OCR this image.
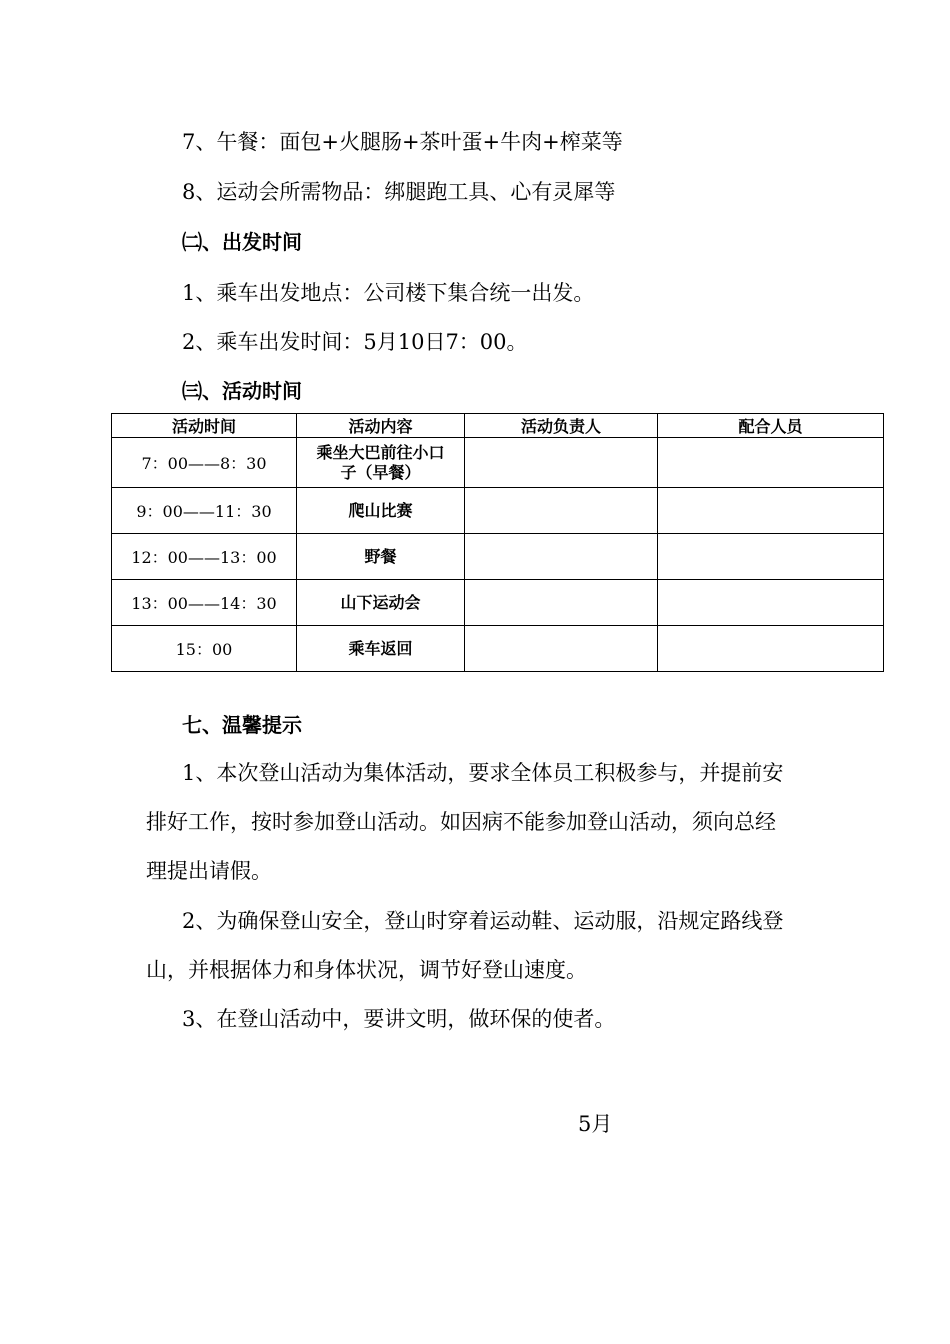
7、午餐：面包+火腿肠+茶叶蛋+牛肉+榨菜等
8、运动会所需物品：绑腿跑工具、心有灵犀等
㈡、出发时间
1、乘车出发地点：公司楼下集合统一出发。
2、乘车出发时间：5月10日7：00。
㈢、活动时间
活动时间	活动内容	活动负责人	配合人员
7：00——8：30	乘坐大巴前往小口子（早餐）		

9：00——11：30	爬山比赛		
12：00——13：00	野餐		
13：00——14：30	山下运动会		
15：00	乘车返回		
七、温馨提示
1、本次登山活动为集体活动，要求全体员工积极参与，并提前安
排好工作，按时参加登山活动。如因病不能参加登山活动，须向总经
理提出请假。
2、为确保登山安全，登山时穿着运动鞋、运动服，沿规定路线登
山，并根据体力和身体状况，调节好登山速度。
3、在登山活动中，要讲文明，做环保的使者。
5月
